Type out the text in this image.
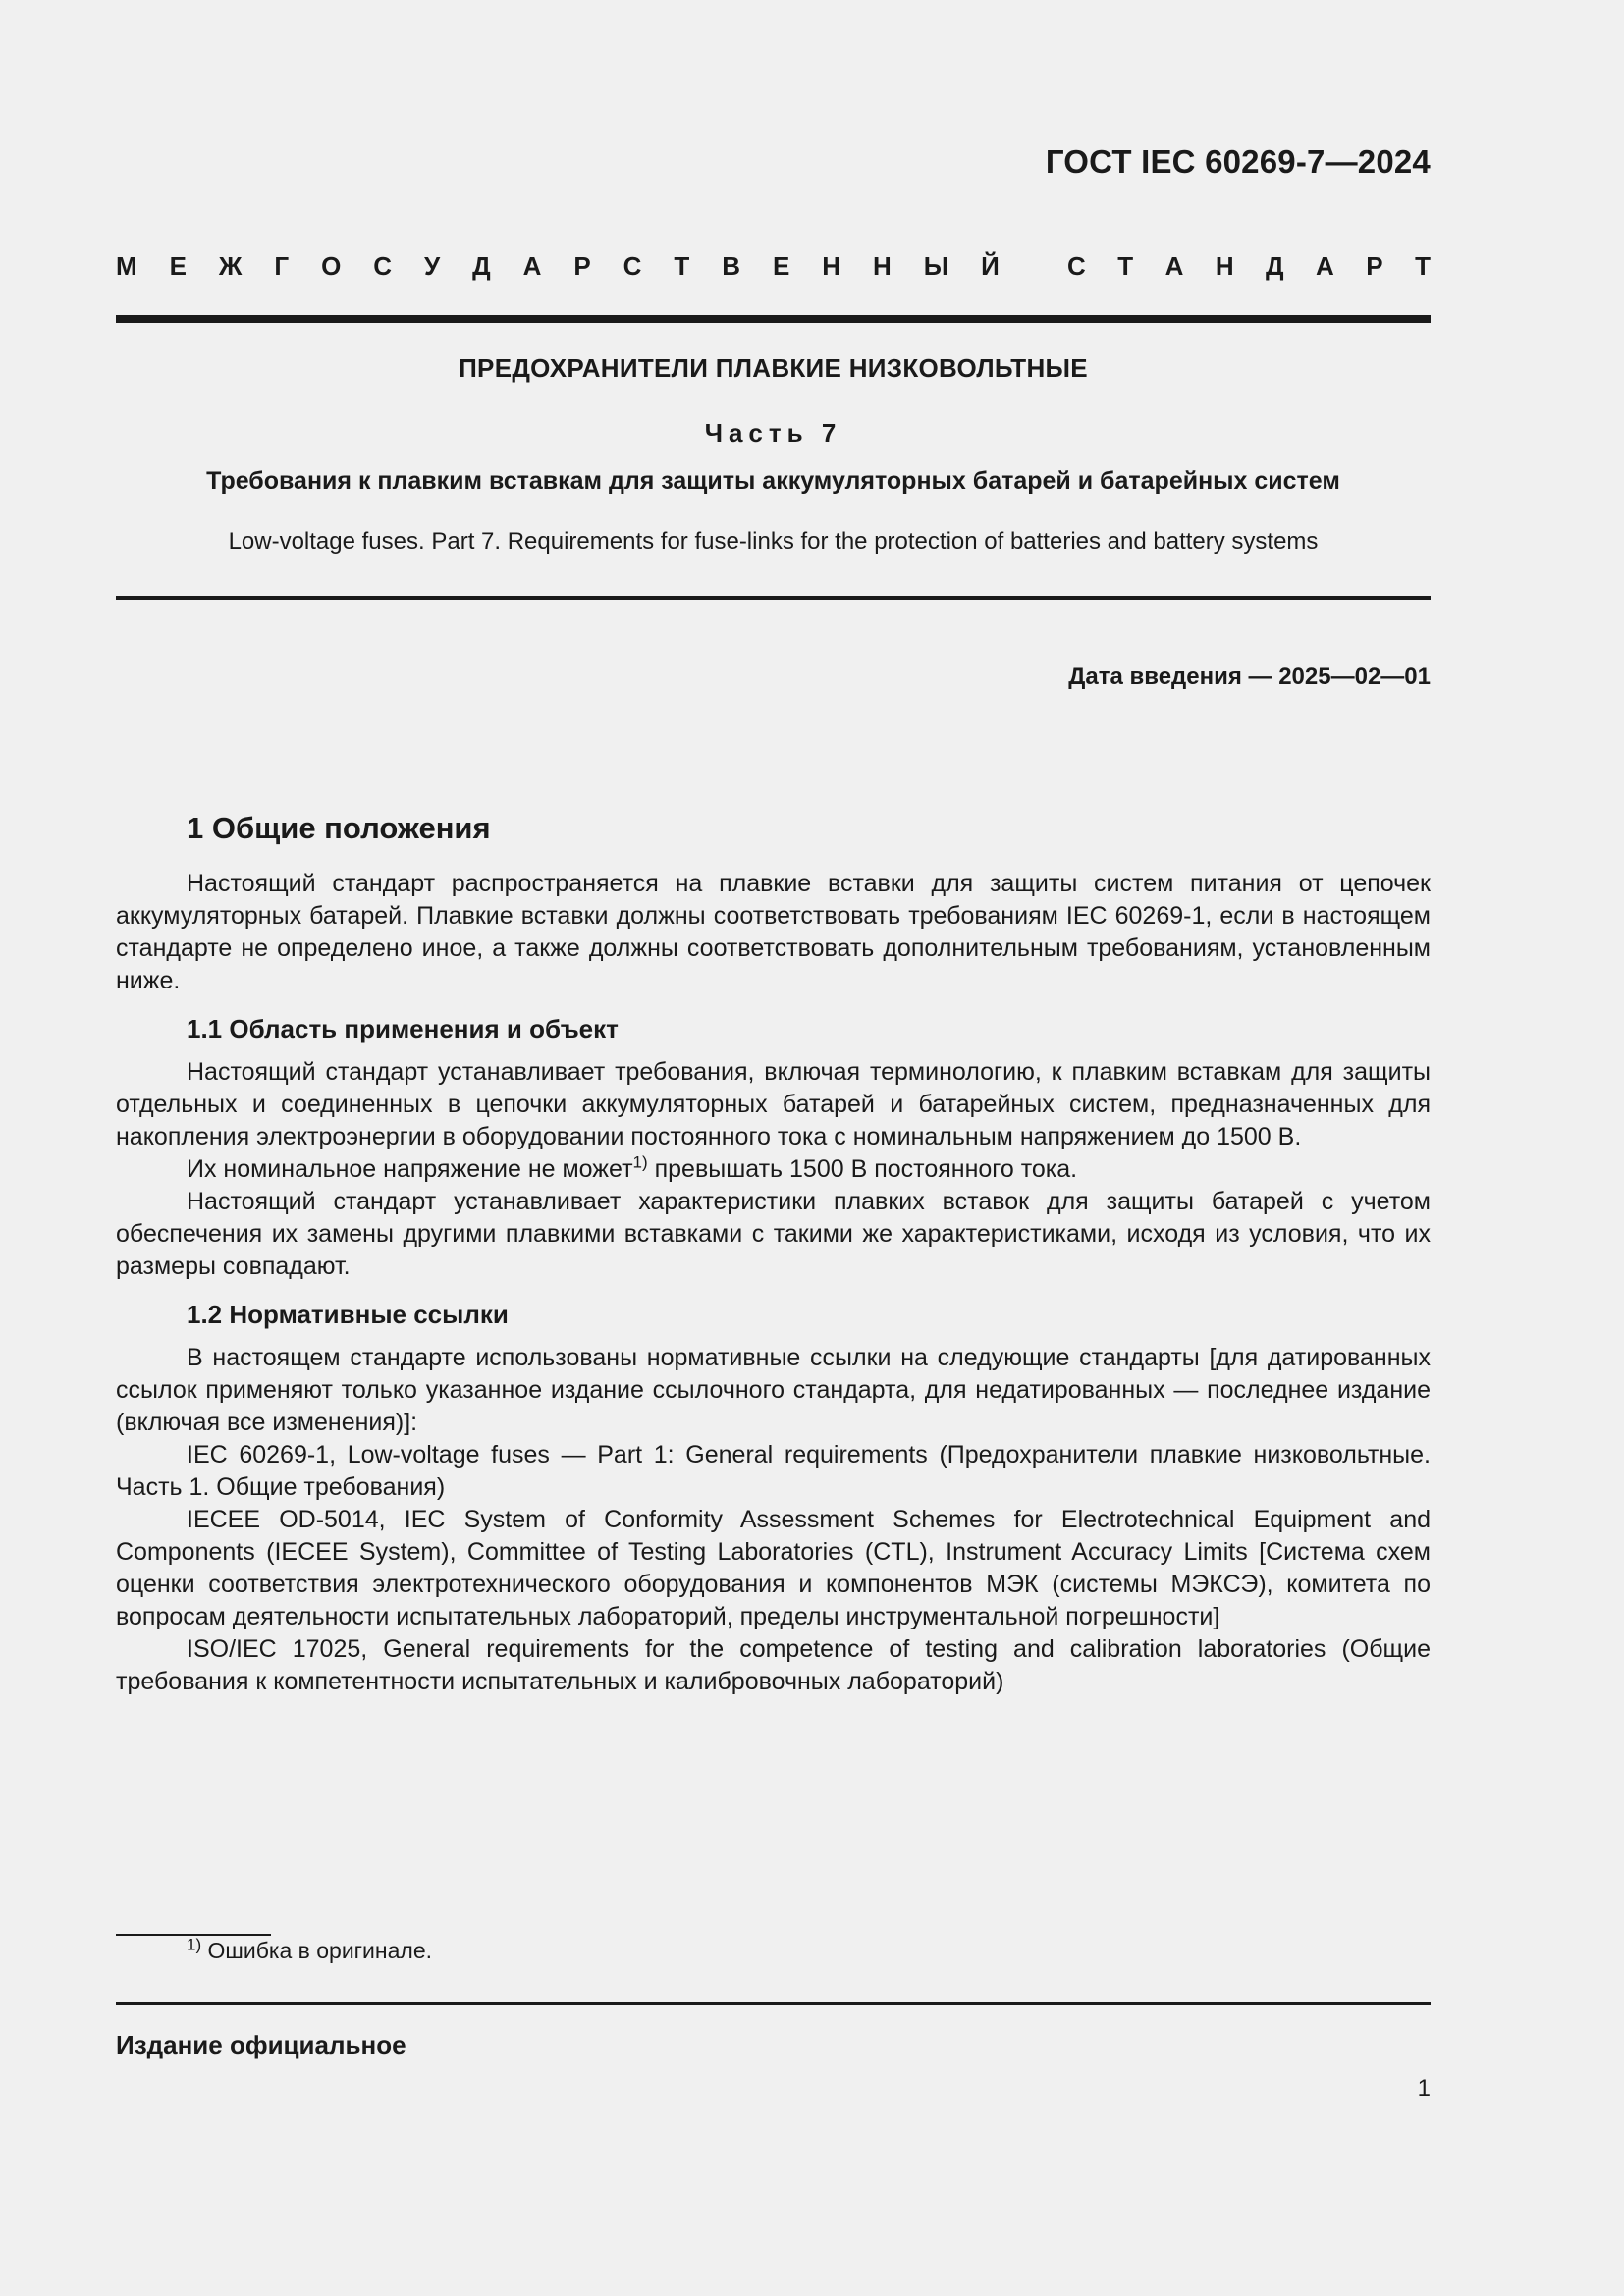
ГОСТ IEC 60269-7—2024
М Е Ж Г О С У Д А Р С Т В Е Н Н Ы Й	С Т А Н Д А Р Т
ПРЕДОХРАНИТЕЛИ ПЛАВКИЕ НИЗКОВОЛЬТНЫЕ
Часть 7
Требования к плавким вставкам для защиты аккумуляторных батарей и батарейных систем
Low-voltage fuses. Part 7. Requirements for fuse-links for the protection of batteries and battery systems
Дата введения — 2025—02—01
1 Общие положения

Настоящий стандарт распространяется на плавкие вставки для защиты систем питания от цепочек аккумуляторных батарей. Плавкие вставки должны соответствовать требованиям IEC 60269-1, если в настоящем стандарте не определено иное, а также должны соответствовать дополнительным требованиям, установленным ниже.

1.1 Область применения и объект

Настоящий стандарт устанавливает требования, включая терминологию, к плавким вставкам для защиты отдельных и соединенных в цепочки аккумуляторных батарей и батарейных систем, предназначенных для накопления электроэнергии в оборудовании постоянного тока с номинальным напряжением до 1500 В.

Их номинальное напряжение не может$^{1)}$ превышать 1500 В постоянного тока.

Настоящий стандарт устанавливает характеристики плавких вставок для защиты батарей с учетом обеспечения их замены другими плавкими вставками с такими же характеристиками, исходя из условия, что их размеры совпадают.

1.2 Нормативные ссылки

В настоящем стандарте использованы нормативные ссылки на следующие стандарты [для датированных ссылок применяют только указанное издание ссылочного стандарта, для недатированных — последнее издание (включая все изменения)]:

IEC 60269-1, Low-voltage fuses — Part 1: General requirements (Предохранители плавкие низковольтные. Часть 1. Общие требования)

IECEE OD-5014, IEC System of Conformity Assessment Schemes for Electrotechnical Equipment and Components (IECEE System), Committee of Testing Laboratories (CTL), Instrument Accuracy Limits [Система схем оценки соответствия электротехнического оборудования и компонентов МЭК (системы МЭКСЭ), комитета по вопросам деятельности испытательных лабораторий, пределы инструментальной погрешности]

ISO/IEC 17025, General requirements for the competence of testing and calibration laboratories (Общие требования к компетентности испытательных и калибровочных лабораторий)

$^{1)}$ Ошибка в оригинале.
Издание официальное
1
